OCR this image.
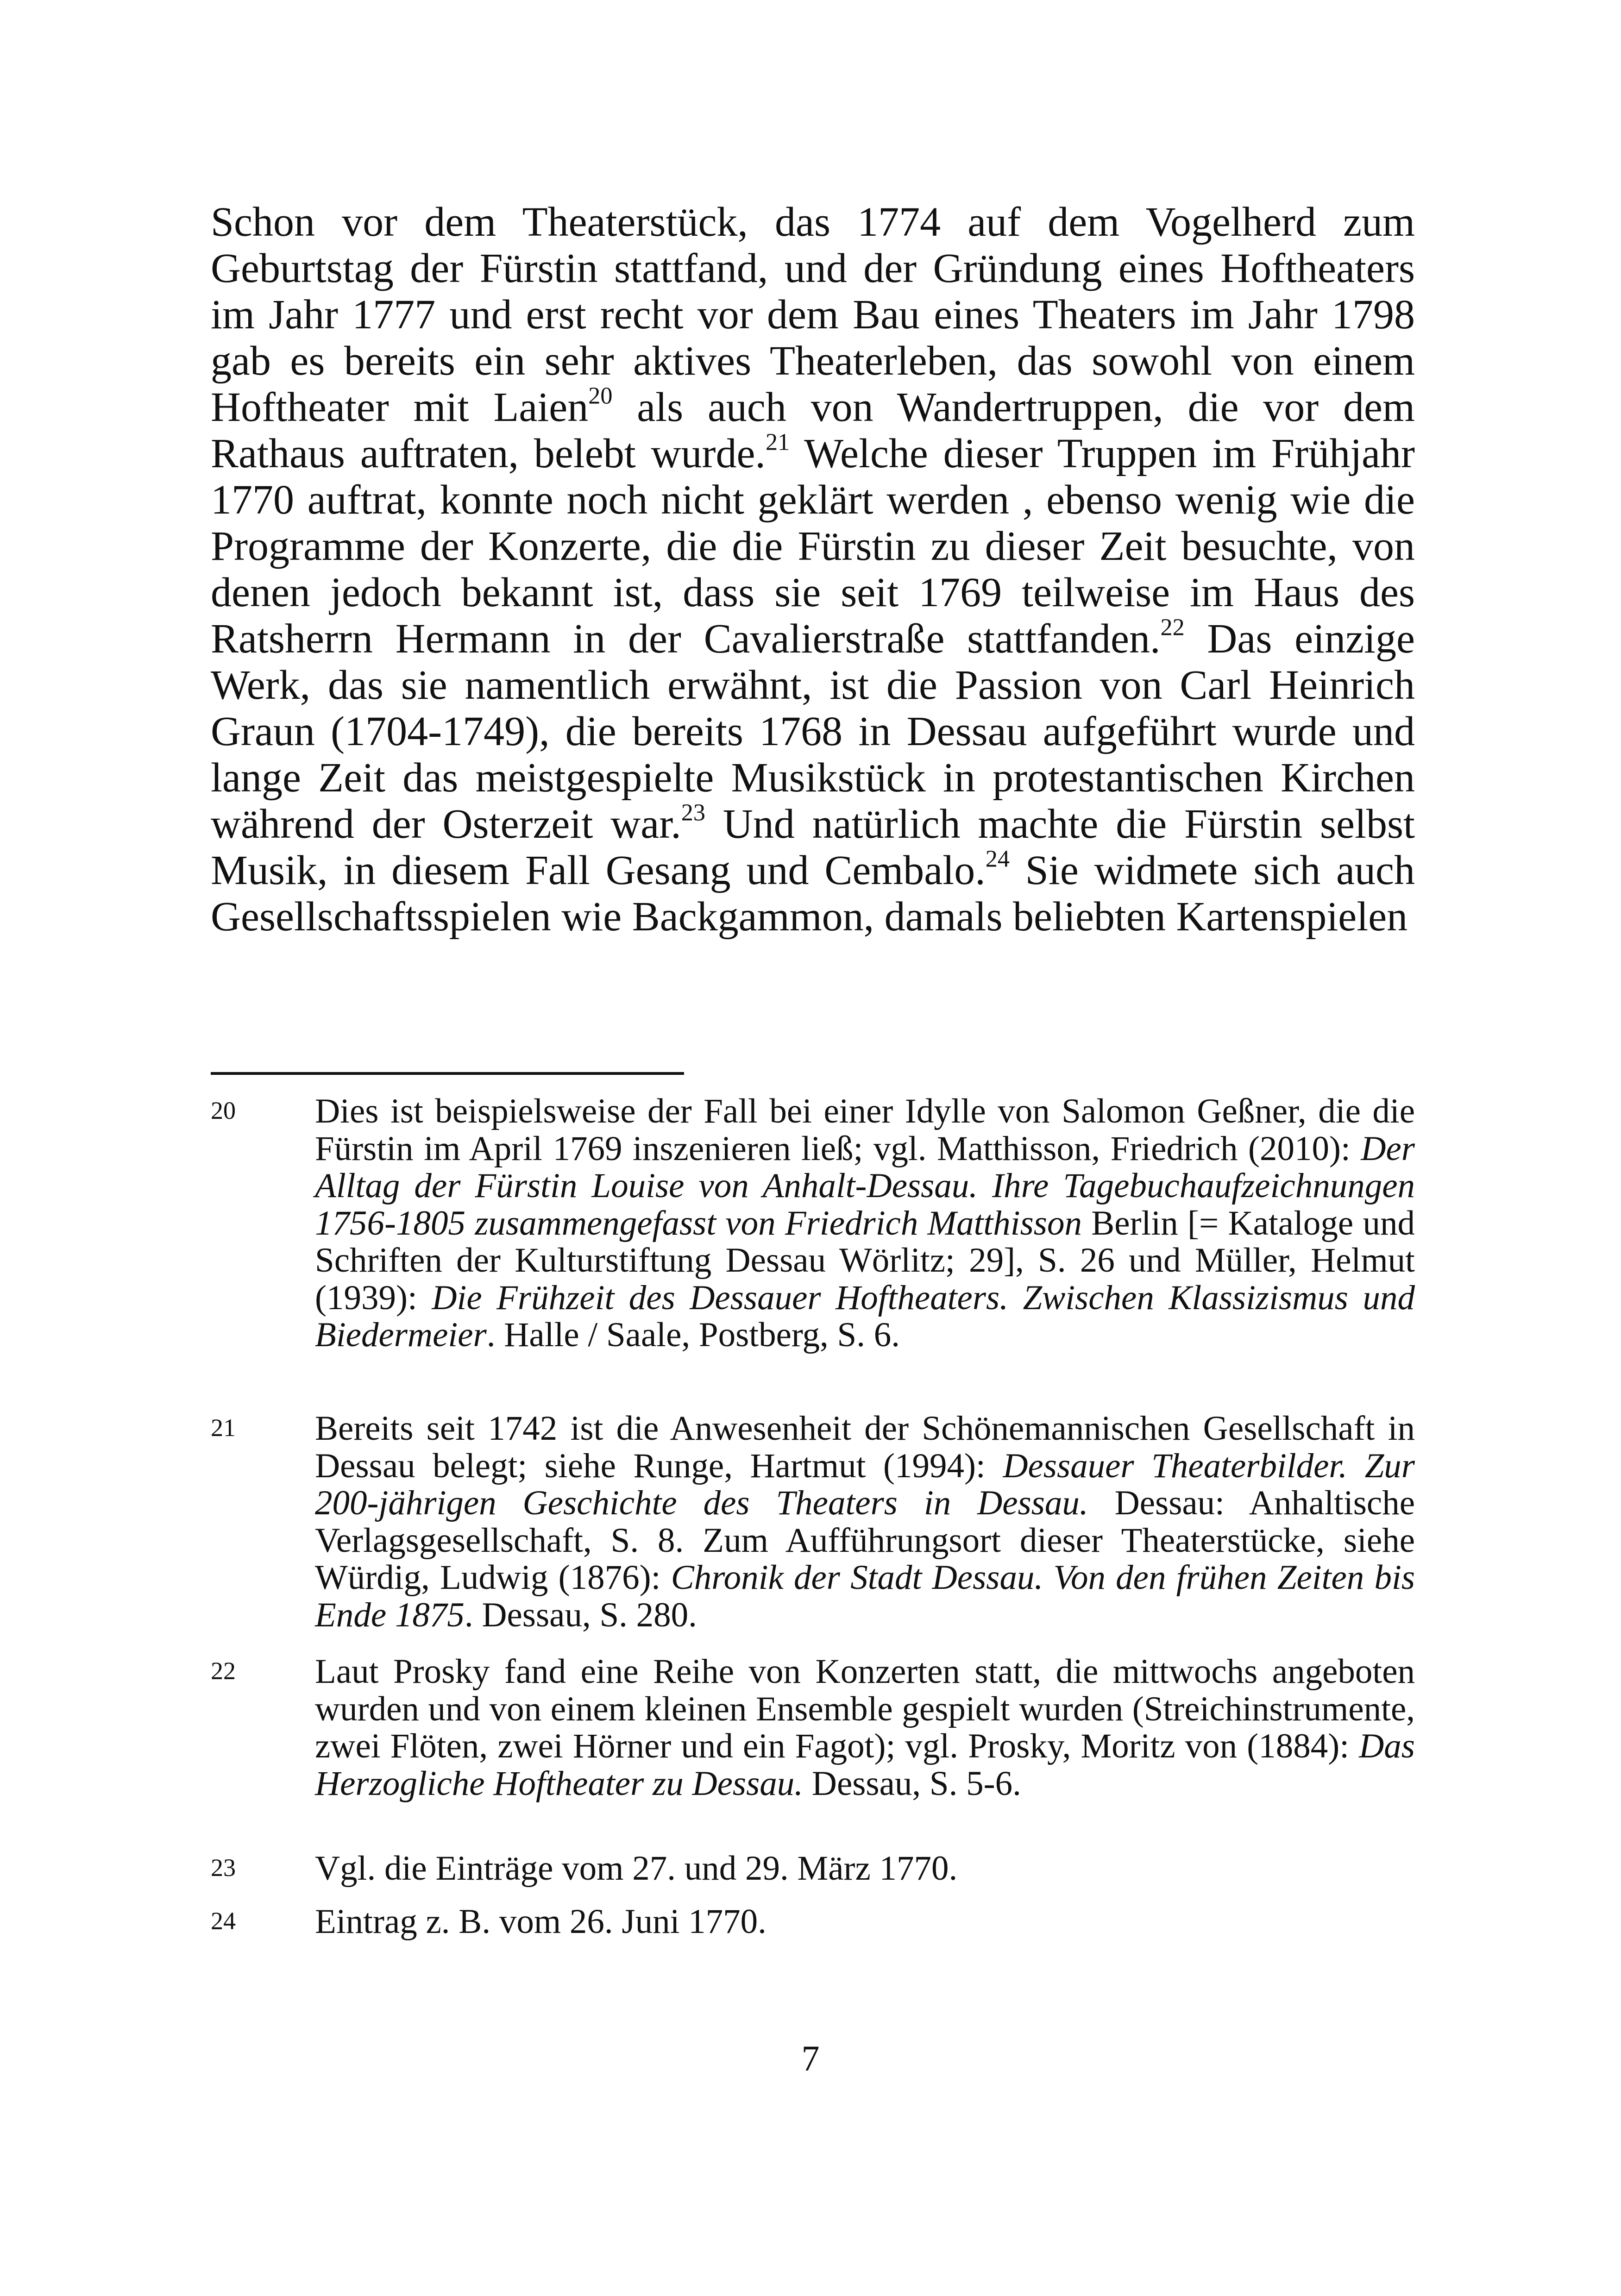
Schon vor dem Theaterstück, das 1774 auf dem Vogelherd zum Geburtstag der Fürstin stattfand, und der Gründung eines Hoftheaters im Jahr 1777 und erst recht vor dem Bau eines Theaters im Jahr 1798 gab es bereits ein sehr aktives Theaterleben, das sowohl von einem Hoftheater mit Laien$^{20}$ als auch von Wandertruppen, die vor dem Rathaus auftraten, belebt wurde.$^{21}$ Welche dieser Truppen im Frühjahr 1770 auftrat, konnte noch nicht geklärt werden , ebenso wenig wie die Programme der Konzerte, die die Fürstin zu dieser Zeit besuchte, von denen jedoch bekannt ist, dass sie seit 1769 teilweise im Haus des Ratsherrn Hermann in der Cavalierstraße stattfanden.$^{22}$ Das einzige Werk, das sie namentlich erwähnt, ist die Passion von Carl Heinrich Graun (1704-1749), die bereits 1768 in Dessau aufgeführt wurde und lange Zeit das meistgespielte Musikstück in protestantischen Kirchen während der Osterzeit war.$^{23}$ Und natürlich machte die Fürstin selbst Musik, in diesem Fall Gesang und Cembalo.$^{24}$ Sie widmete sich auch Gesellschaftsspielen wie Backgammon, damals beliebten Kartenspielen

20 Dies ist beispielsweise der Fall bei einer Idylle von Salomon Geßner, die die Fürstin im April 1769 inszenieren ließ; vgl. Matthisson, Friedrich (2010): Der Alltag der Fürstin Louise von Anhalt-Dessau. Ihre Tagebuchaufzeichnungen 1756-1805 zusammengefasst von Friedrich Matthisson Berlin [= Kataloge und Schriften der Kulturstiftung Dessau Wörlitz; 29], S. 26 und Müller, Helmut (1939): Die Frühzeit des Dessauer Hoftheaters. Zwischen Klassizismus und Biedermeier. Halle / Saale, Postberg, S. 6.
21 Bereits seit 1742 ist die Anwesenheit der Schönemannischen Gesellschaft in Dessau belegt; siehe Runge, Hartmut (1994): Dessauer Theaterbilder. Zur 200-jährigen Geschichte des Theaters in Dessau. Dessau: Anhaltische Verlagsgesellschaft, S. 8. Zum Aufführungsort dieser Theaterstücke, siehe Würdig, Ludwig (1876): Chronik der Stadt Dessau. Von den frühen Zeiten bis Ende 1875. Dessau, S. 280.
22 Laut Prosky fand eine Reihe von Konzerten statt, die mittwochs angeboten wurden und von einem kleinen Ensemble gespielt wurden (Streichinstrumente, zwei Flöten, zwei Hörner und ein Fagot); vgl. Prosky, Moritz von (1884): Das Herzogliche Hoftheater zu Dessau. Dessau, S. 5-6.
23 Vgl. die Einträge vom 27. und 29. März 1770.
24 Eintrag z. B. vom 26. Juni 1770.
7
